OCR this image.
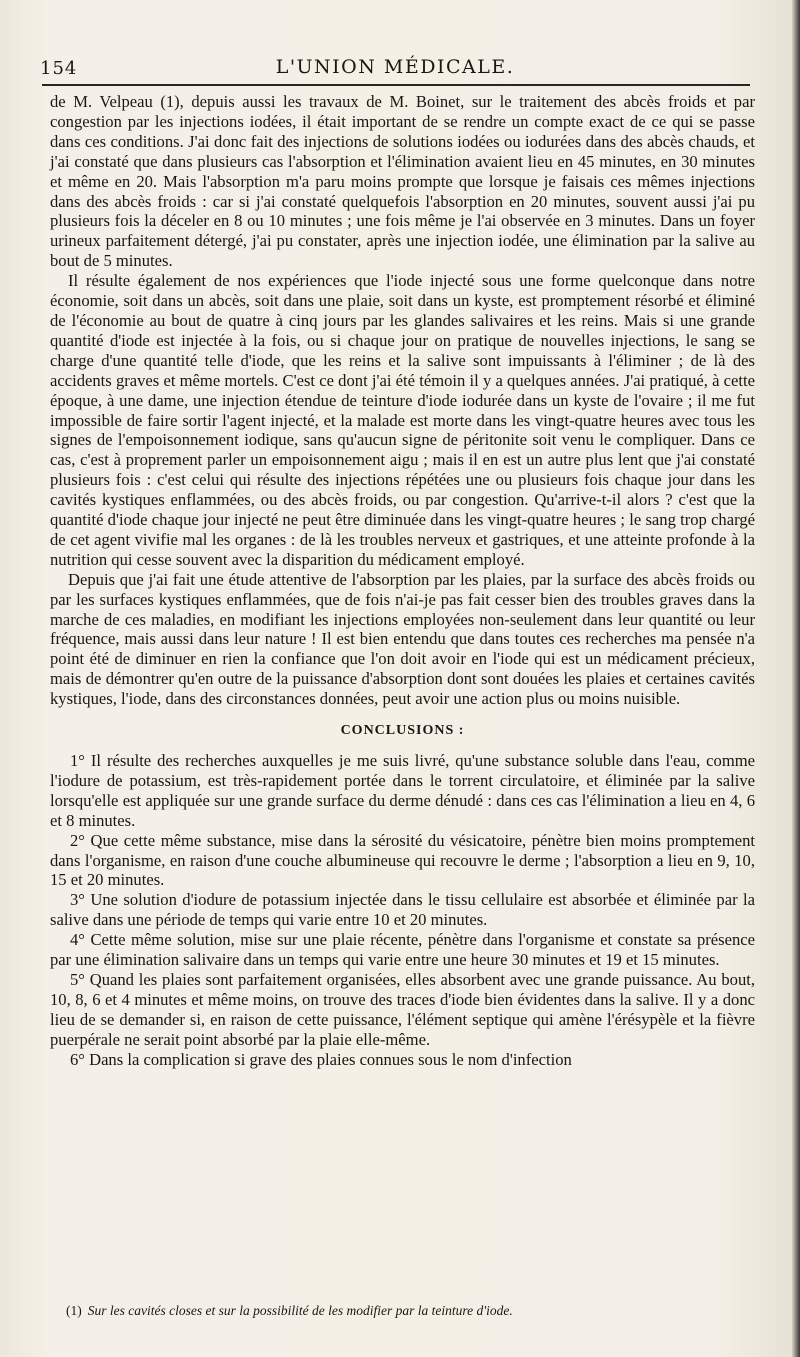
154	L'UNION MÉDICALE.

de M. Velpeau (1), depuis aussi les travaux de M. Boinet, sur le traitement des abcès froids et par congestion par les injections iodées, il était important de se rendre un compte exact de ce qui se passe dans ces conditions. J'ai donc fait des injections de solutions iodées ou iodurées dans des abcès chauds, et j'ai constaté que dans plusieurs cas l'absorption et l'élimination avaient lieu en 45 minutes, en 30 minutes et même en 20. Mais l'absorption m'a paru moins prompte que lorsque je faisais ces mêmes injections dans des abcès froids : car si j'ai constaté quelquefois l'absorption en 20 minutes, souvent aussi j'ai pu plusieurs fois la déceler en 8 ou 10 minutes ; une fois même je l'ai observée en 3 minutes. Dans un foyer urineux parfaitement détergé, j'ai pu constater, après une injection iodée, une élimination par la salive au bout de 5 minutes.

Il résulte également de nos expériences que l'iode injecté sous une forme quelconque dans notre économie, soit dans un abcès, soit dans une plaie, soit dans un kyste, est promptement résorbé et éliminé de l'économie au bout de quatre à cinq jours par les glandes salivaires et les reins. Mais si une grande quantité d'iode est injectée à la fois, ou si chaque jour on pratique de nouvelles injections, le sang se charge d'une quantité telle d'iode, que les reins et la salive sont impuissants à l'éliminer ; de là des accidents graves et même mortels. C'est ce dont j'ai été témoin il y a quelques années. J'ai pratiqué, à cette époque, à une dame, une injection étendue de teinture d'iode iodurée dans un kyste de l'ovaire ; il me fut impossible de faire sortir l'agent injecté, et la malade est morte dans les vingt-quatre heures avec tous les signes de l'empoisonnement iodique, sans qu'aucun signe de péritonite soit venu le compliquer. Dans ce cas, c'est à proprement parler un empoisonnement aigu ; mais il en est un autre plus lent que j'ai constaté plusieurs fois : c'est celui qui résulte des injections répétées une ou plusieurs fois chaque jour dans les cavités kystiques enflammées, ou des abcès froids, ou par congestion. Qu'arrive-t-il alors ? c'est que la quantité d'iode chaque jour injecté ne peut être diminuée dans les vingt-quatre heures ; le sang trop chargé de cet agent vivifie mal les organes : de là les troubles nerveux et gastriques, et une atteinte profonde à la nutrition qui cesse souvent avec la disparition du médicament employé.

Depuis que j'ai fait une étude attentive de l'absorption par les plaies, par la surface des abcès froids ou par les surfaces kystiques enflammées, que de fois n'ai-je pas fait cesser bien des troubles graves dans la marche de ces maladies, en modifiant les injections employées non-seulement dans leur quantité ou leur fréquence, mais aussi dans leur nature ! Il est bien entendu que dans toutes ces recherches ma pensée n'a point été de diminuer en rien la confiance que l'on doit avoir en l'iode qui est un médicament précieux, mais de démontrer qu'en outre de la puissance d'absorption dont sont douées les plaies et certaines cavités kystiques, l'iode, dans des circonstances données, peut avoir une action plus ou moins nuisible.

CONCLUSIONS :

1° Il résulte des recherches auxquelles je me suis livré, qu'une substance soluble dans l'eau, comme l'iodure de potassium, est très-rapidement portée dans le torrent circulatoire, et éliminée par la salive lorsqu'elle est appliquée sur une grande surface du derme dénudé : dans ces cas l'élimination a lieu en 4, 6 et 8 minutes.

2° Que cette même substance, mise dans la sérosité du vésicatoire, pénètre bien moins promptement dans l'organisme, en raison d'une couche albumineuse qui recouvre le derme ; l'absorption a lieu en 9, 10, 15 et 20 minutes.

3° Une solution d'iodure de potassium injectée dans le tissu cellulaire est absorbée et éliminée par la salive dans une période de temps qui varie entre 10 et 20 minutes.

4° Cette même solution, mise sur une plaie récente, pénètre dans l'organisme et constate sa présence par une élimination salivaire dans un temps qui varie entre une heure 30 minutes et 19 et 15 minutes.

5° Quand les plaies sont parfaitement organisées, elles absorbent avec une grande puissance. Au bout, 10, 8, 6 et 4 minutes et même moins, on trouve des traces d'iode bien évidentes dans la salive. Il y a donc lieu de se demander si, en raison de cette puissance, l'élément septique qui amène l'érésypèle et la fièvre puerpérale ne serait point absorbé par la plaie elle-même.

6° Dans la complication si grave des plaies connues sous le nom d'infection

(1) Sur les cavités closes et sur la possibilité de les modifier par la teinture d'iode.
